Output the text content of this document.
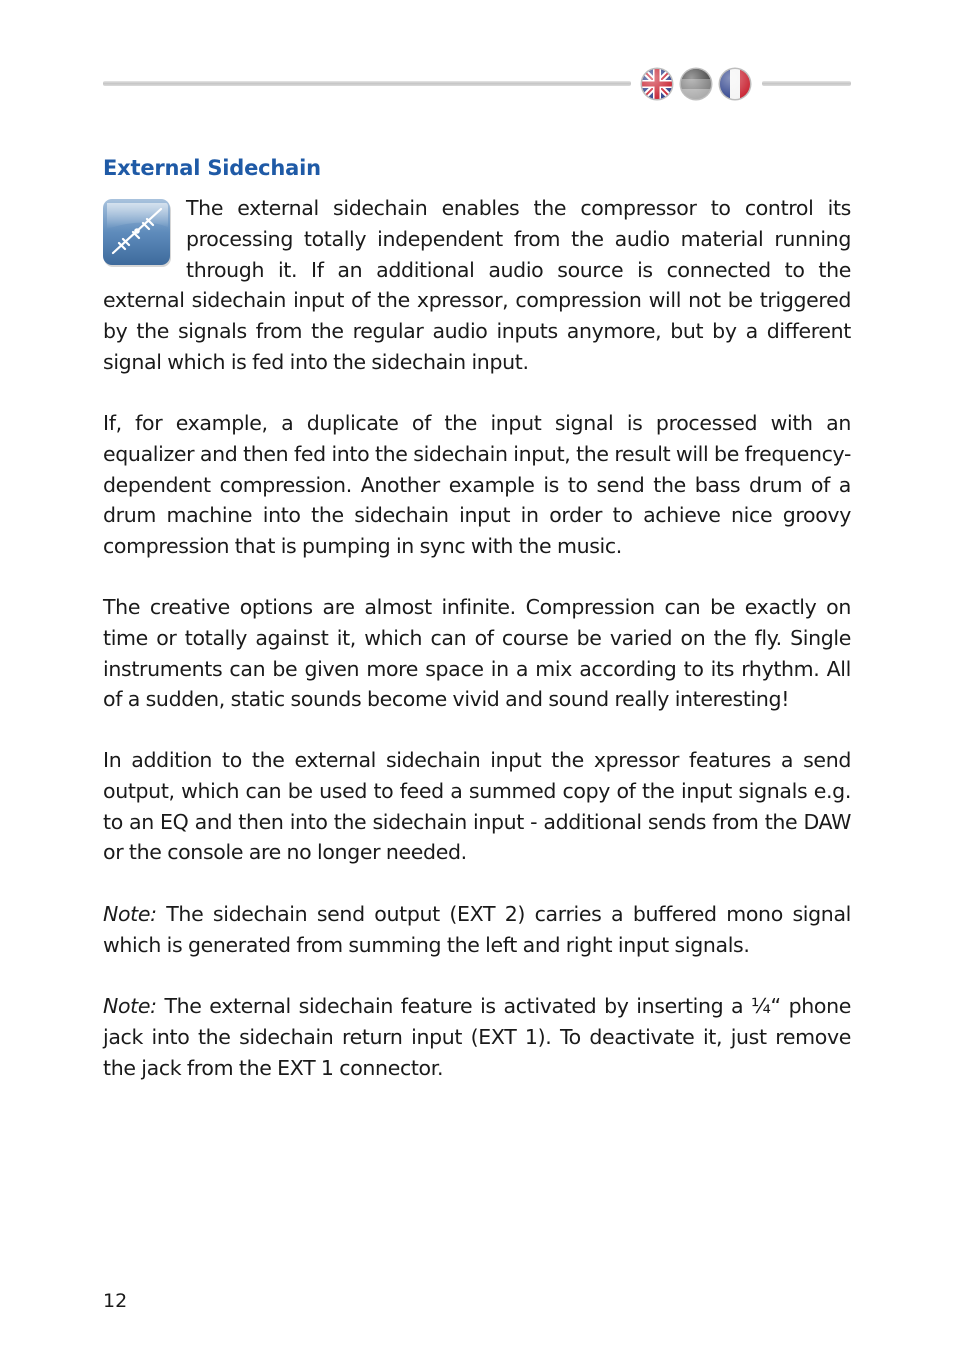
External Sidechain

The external sidechain enables the compressor to control its processing totally independent from the audio material running through it. If an additional audio source is connected to the external sidechain input of the xpressor, compression will not be triggered by the signals from the regular audio inputs anymore, but by a different signal which is fed into the sidechain input.

If, for example, a duplicate of the input signal is processed with an equalizer and then fed into the sidechain input, the result will be frequency-dependent compression. Another example is to send the bass drum of a drum machine into the sidechain input in order to achieve nice groovy compression that is pumping in sync with the music.

The creative options are almost infinite. Compression can be exactly on time or totally against it, which can of course be varied on the fly. Single instruments can be given more space in a mix according to its rhythm. All of a sudden, static sounds become vivid and sound really interesting!

In addition to the external sidechain input the xpressor features a send output, which can be used to feed a summed copy of the input signals e.g. to an EQ and then into the sidechain input - additional sends from the DAW or the console are no longer needed.

Note: The sidechain send output (EXT 2) carries a buffered mono signal which is generated from summing the left and right input signals.

Note: The external sidechain feature is activated by inserting a ¼“ phone jack into the sidechain return input (EXT 1). To deactivate it, just remove the jack from the EXT 1 connector.

12
